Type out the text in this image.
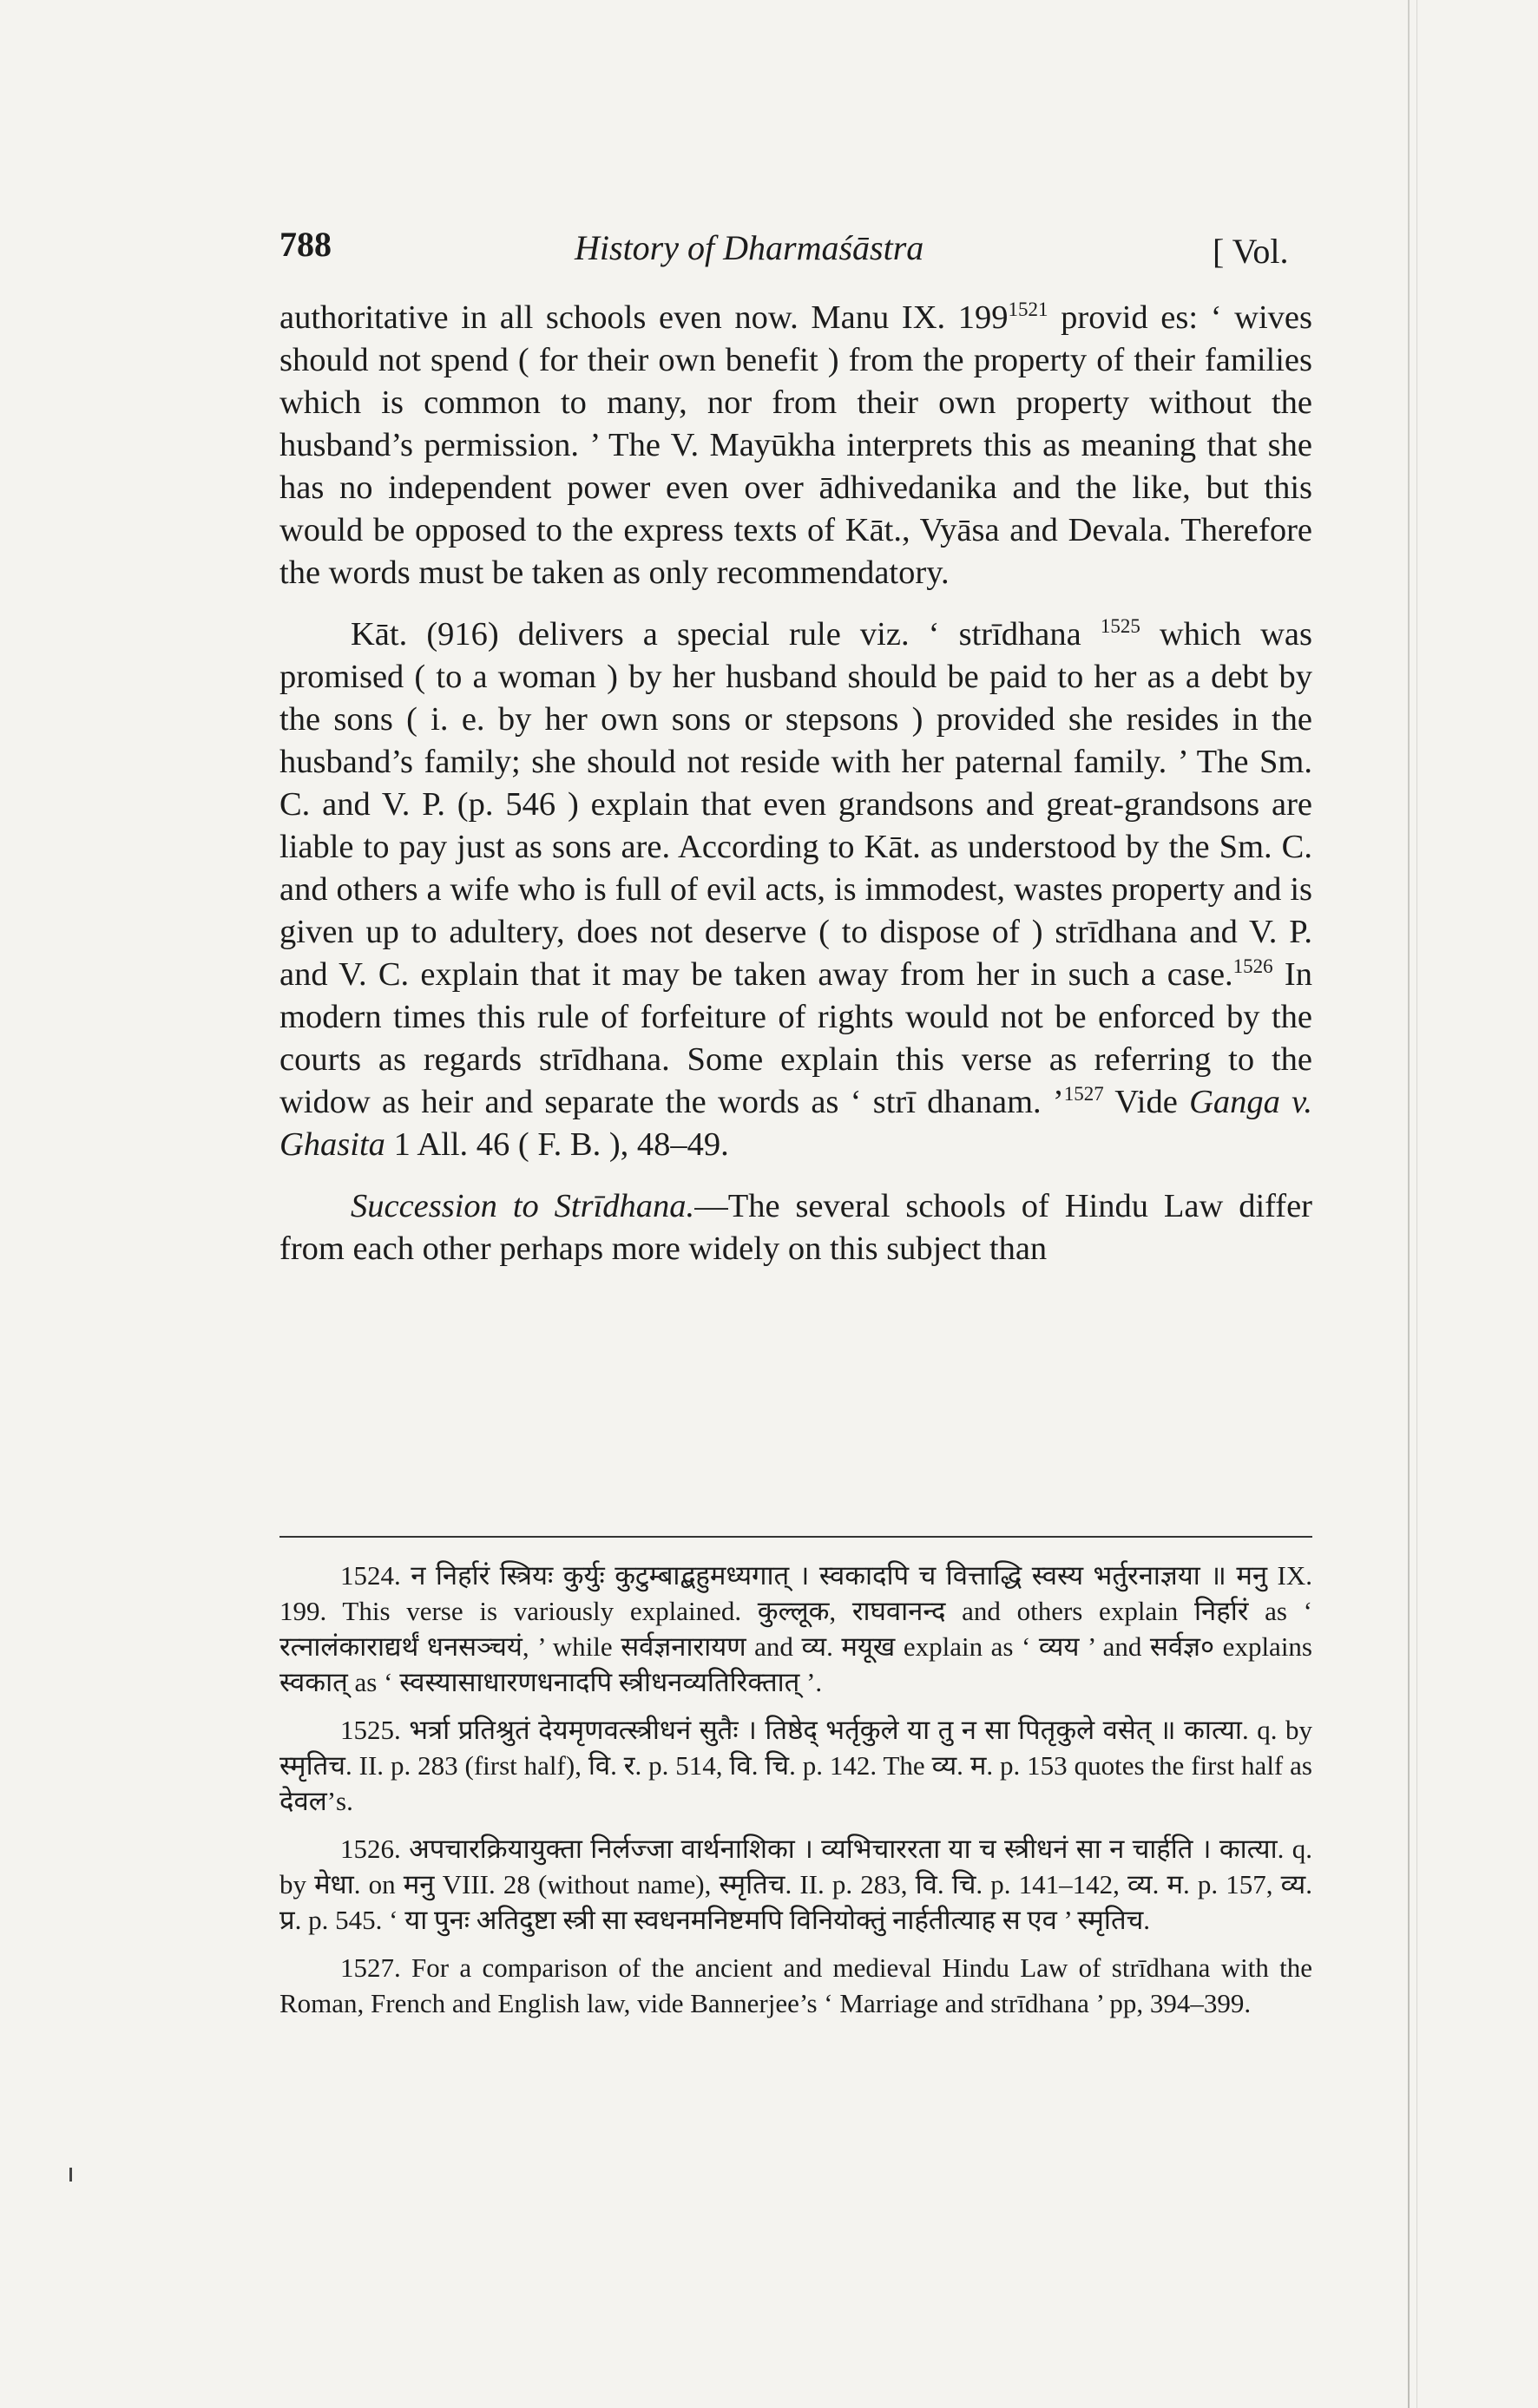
788	History of Dharmaśāstra	[ Vol.

authoritative in all schools even now. Manu IX. $199^{1521}$ provid es: ‘ wives should not spend ( for their own benefit ) from the property of their families which is common to many, nor from their own property without the husband’s permission. ’ The V. Mayūkha interprets this as meaning that she has no independent power even over ādhivedanika and the like, but this would be opposed to the express texts of Kāt., Vyāsa and Devala. Therefore the words must be taken as only recommendatory.

Kāt. (916) delivers a special rule viz. ‘ strīdhana $^{1525}$ which was promised ( to a woman ) by her husband should be paid to her as a debt by the sons ( i. e. by her own sons or stepsons ) provided she resides in the husband’s family; she should not reside with her paternal family. ’ The Sm. C. and V. P. (p. 546 ) explain that even grandsons and great-grandsons are liable to pay just as sons are. According to Kāt. as understood by the Sm. C. and others a wife who is full of evil acts, is immodest, wastes property and is given up to adultery, does not deserve ( to dispose of ) strīdhana and V. P. and V. C. explain that it may be taken away from her in such a case.$^{1526}$ In modern times this rule of forfeiture of rights would not be enforced by the courts as regards strīdhana. Some explain this verse as referring to the widow as heir and separate the words as ‘ strī dhanam. ’$^{1527}$ Vide Ganga v. Ghasita 1 All. 46 ( F. B. ), 48–49.

Succession to Strīdhana.—The several schools of Hindu Law differ from each other perhaps more widely on this subject than

1524. न निर्हारं स्त्रियः कुर्युः कुटुम्बाद्बहुमध्यगात् । स्वकादपि च वित्ताद्धि स्वस्य भर्तुरनाज्ञया ॥ मनु IX. 199. This verse is variously explained. कुल्लूक, राघवानन्द and others explain निर्हारं as ‘ रत्नालंकाराद्यर्थं धनसञ्चयं, ’ while सर्वज्ञनारायण and व्य. मयूख explain as ‘ व्यय ’ and सर्वज्ञ० explains स्वकात् as ‘ स्वस्यासाधारणधनादपि स्त्रीधनव्यतिरिक्तात् ’.

1525. भर्त्रा प्रतिश्रुतं देयमृणवत्स्त्रीधनं सुतैः । तिष्ठेद् भर्तृकुले या तु न सा पितृकुले वसेत् ॥ कात्या. q. by स्मृतिच. II. p. 283 (first half), वि. र. p. 514, वि. चि. p. 142. The व्य. म. p. 153 quotes the first half as देवल’s.

1526. अपचारक्रियायुक्ता निर्लज्जा वार्थनाशिका । व्यभिचाररता या च स्त्रीधनं सा न चार्हति । कात्या. q. by मेधा. on मनु VIII. 28 (without name), स्मृतिच. II. p. 283, वि. चि. p. 141–142, व्य. म. p. 157, व्य. प्र. p. 545. ‘ या पुनः अतिदुष्टा स्त्री सा स्वधनमनिष्टमपि विनियोक्तुं नार्हतीत्याह स एव ’ स्मृतिच.

1527. For a comparison of the ancient and medieval Hindu Law of strīdhana with the Roman, French and English law, vide Bannerjee’s ‘ Marriage and strīdhana ’ pp, 394–399.
